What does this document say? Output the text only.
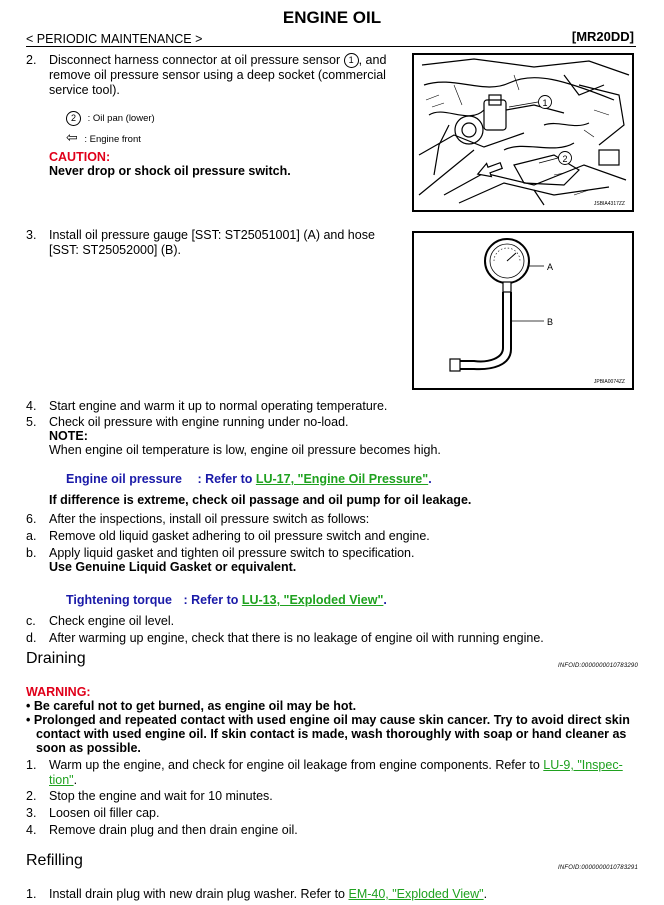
ENGINE OIL
< PERIODIC MAINTENANCE >	[MR20DD]
2.	Disconnect harness connector at oil pressure sensor 1 , and
remove oil pressure sensor using a deep socket (commercial
service tool).
2 : Oil pan (lower)
⇦ : Engine front
CAUTION:
Never drop or shock oil pressure switch.
1
2
JSBIA4317ZZ
3.	Install oil pressure gauge [SST: ST25051001] (A) and hose
[SST: ST25052000] (B).
A
B
JPBIA0074ZZ
4.	Start engine and warm it up to normal operating temperature.
5.	Check oil pressure with engine running under no-load.
NOTE:
When engine oil temperature is low, engine oil pressure becomes high.
Engine oil pressure : Refer to LU-17, "Engine Oil Pressure".
If difference is extreme, check oil passage and oil pump for oil leakage.
6.	After the inspections, install oil pressure switch as follows:
a.	Remove old liquid gasket adhering to oil pressure switch and engine.
b.	Apply liquid gasket and tighten oil pressure switch to specification.
Use Genuine Liquid Gasket or equivalent.
Tightening torque : Refer to LU-13, "Exploded View".
c.	Check engine oil level.
d.	After warming up engine, check that there is no leakage of engine oil with running engine.
Draining	INFOID:0000000010783290
WARNING:
• Be careful not to get burned, as engine oil may be hot.
• Prolonged and repeated contact with used engine oil may cause skin cancer. Try to avoid direct skin
contact with used engine oil. If skin contact is made, wash thoroughly with soap or hand cleaner as
soon as possible.
1.	Warm up the engine, and check for engine oil leakage from engine components. Refer to LU-9, "Inspec-
tion".
2.	Stop the engine and wait for 10 minutes.
3.	Loosen oil filler cap.
4.	Remove drain plug and then drain engine oil.
Refilling	INFOID:0000000010783291
1.	Install drain plug with new drain plug washer. Refer to EM-40, "Exploded View".
